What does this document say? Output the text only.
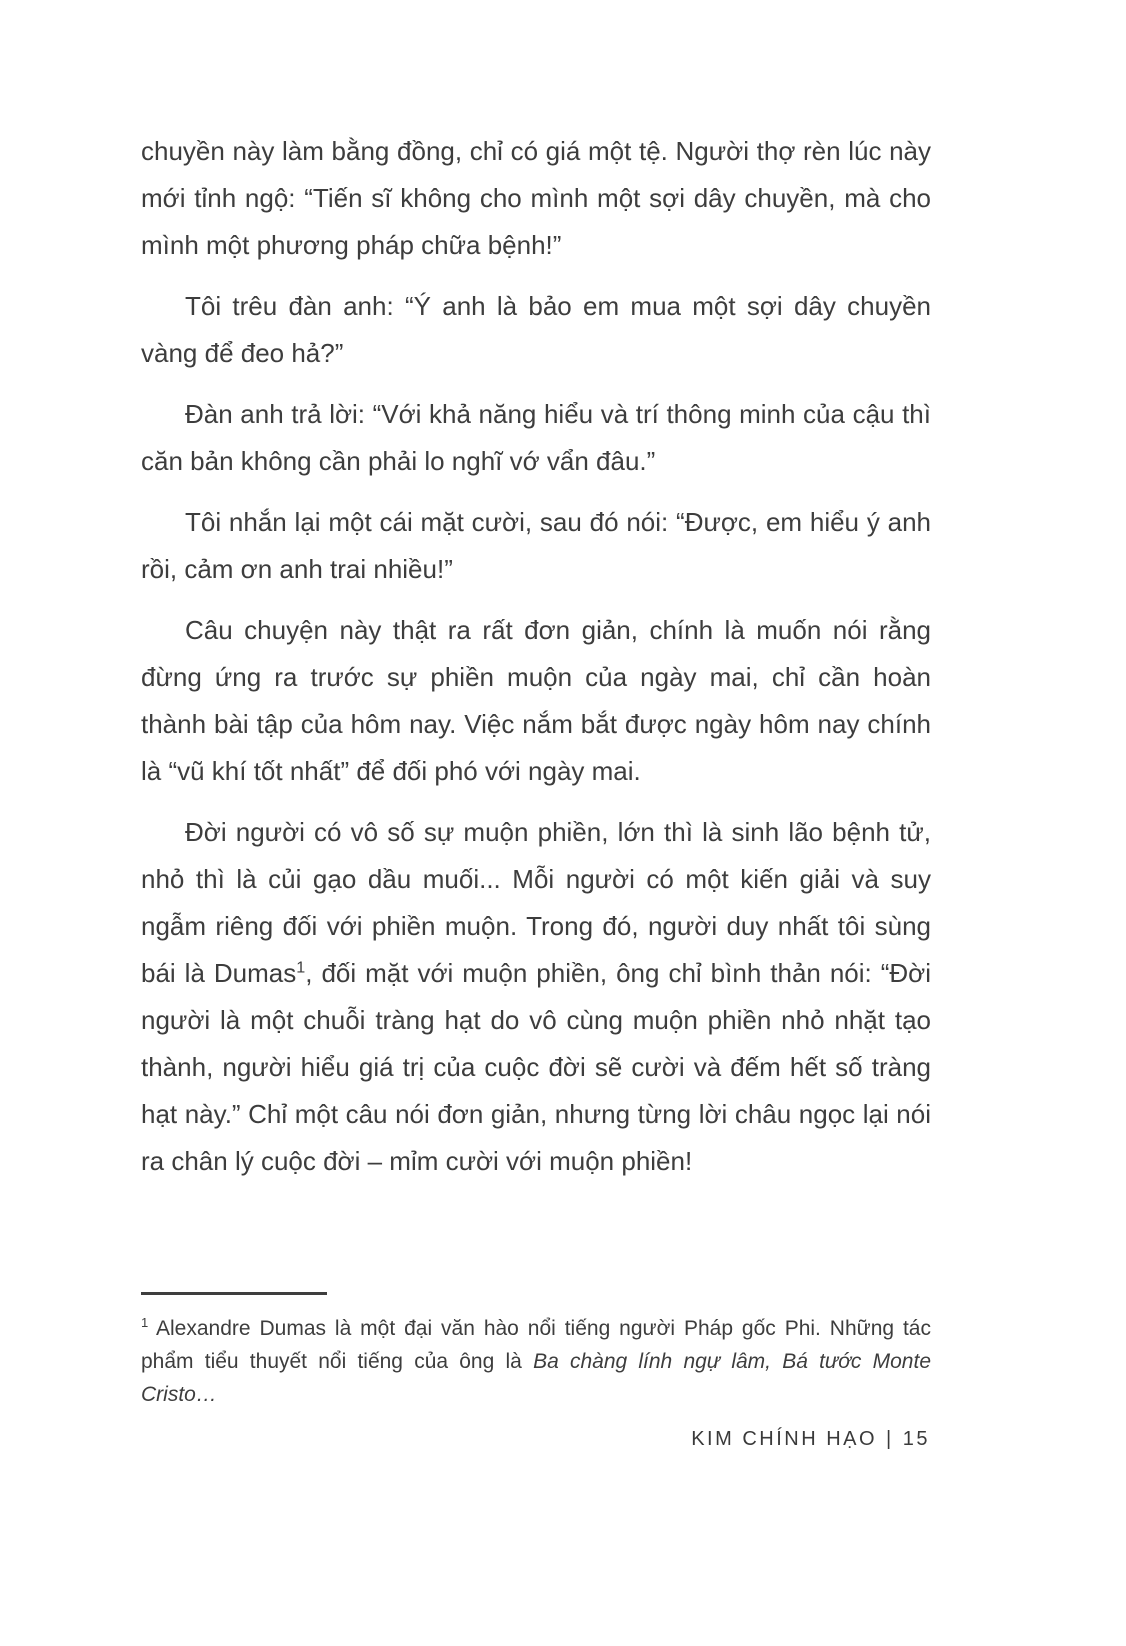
chuyền này làm bằng đồng, chỉ có giá một tệ. Người thợ rèn lúc này mới tỉnh ngộ: “Tiến sĩ không cho mình một sợi dây chuyền, mà cho mình một phương pháp chữa bệnh!”

Tôi trêu đàn anh: “Ý anh là bảo em mua một sợi dây chuyền vàng để đeo hả?”

Đàn anh trả lời: “Với khả năng hiểu và trí thông minh của cậu thì căn bản không cần phải lo nghĩ vớ vẩn đâu.”

Tôi nhắn lại một cái mặt cười, sau đó nói: “Được, em hiểu ý anh rồi, cảm ơn anh trai nhiều!”

Câu chuyện này thật ra rất đơn giản, chính là muốn nói rằng đừng ứng ra trước sự phiền muộn của ngày mai, chỉ cần hoàn thành bài tập của hôm nay. Việc nắm bắt được ngày hôm nay chính là “vũ khí tốt nhất” để đối phó với ngày mai.

Đời người có vô số sự muộn phiền, lớn thì là sinh lão bệnh tử, nhỏ thì là củi gạo dầu muối... Mỗi người có một kiến giải và suy ngẫm riêng đối với phiền muộn. Trong đó, người duy nhất tôi sùng bái là Dumas$^1$, đối mặt với muộn phiền, ông chỉ bình thản nói: “Đời người là một chuỗi tràng hạt do vô cùng muộn phiền nhỏ nhặt tạo thành, người hiểu giá trị của cuộc đời sẽ cười và đếm hết số tràng hạt này.” Chỉ một câu nói đơn giản, nhưng từng lời châu ngọc lại nói ra chân lý cuộc đời – mỉm cười với muộn phiền!

$^1$ Alexandre Dumas là một đại văn hào nổi tiếng người Pháp gốc Phi. Những tác phẩm tiểu thuyết nổi tiếng của ông là Ba chàng lính ngự lâm, Bá tước Monte Cristo…

KIM CHÍNH HẠO | 15
